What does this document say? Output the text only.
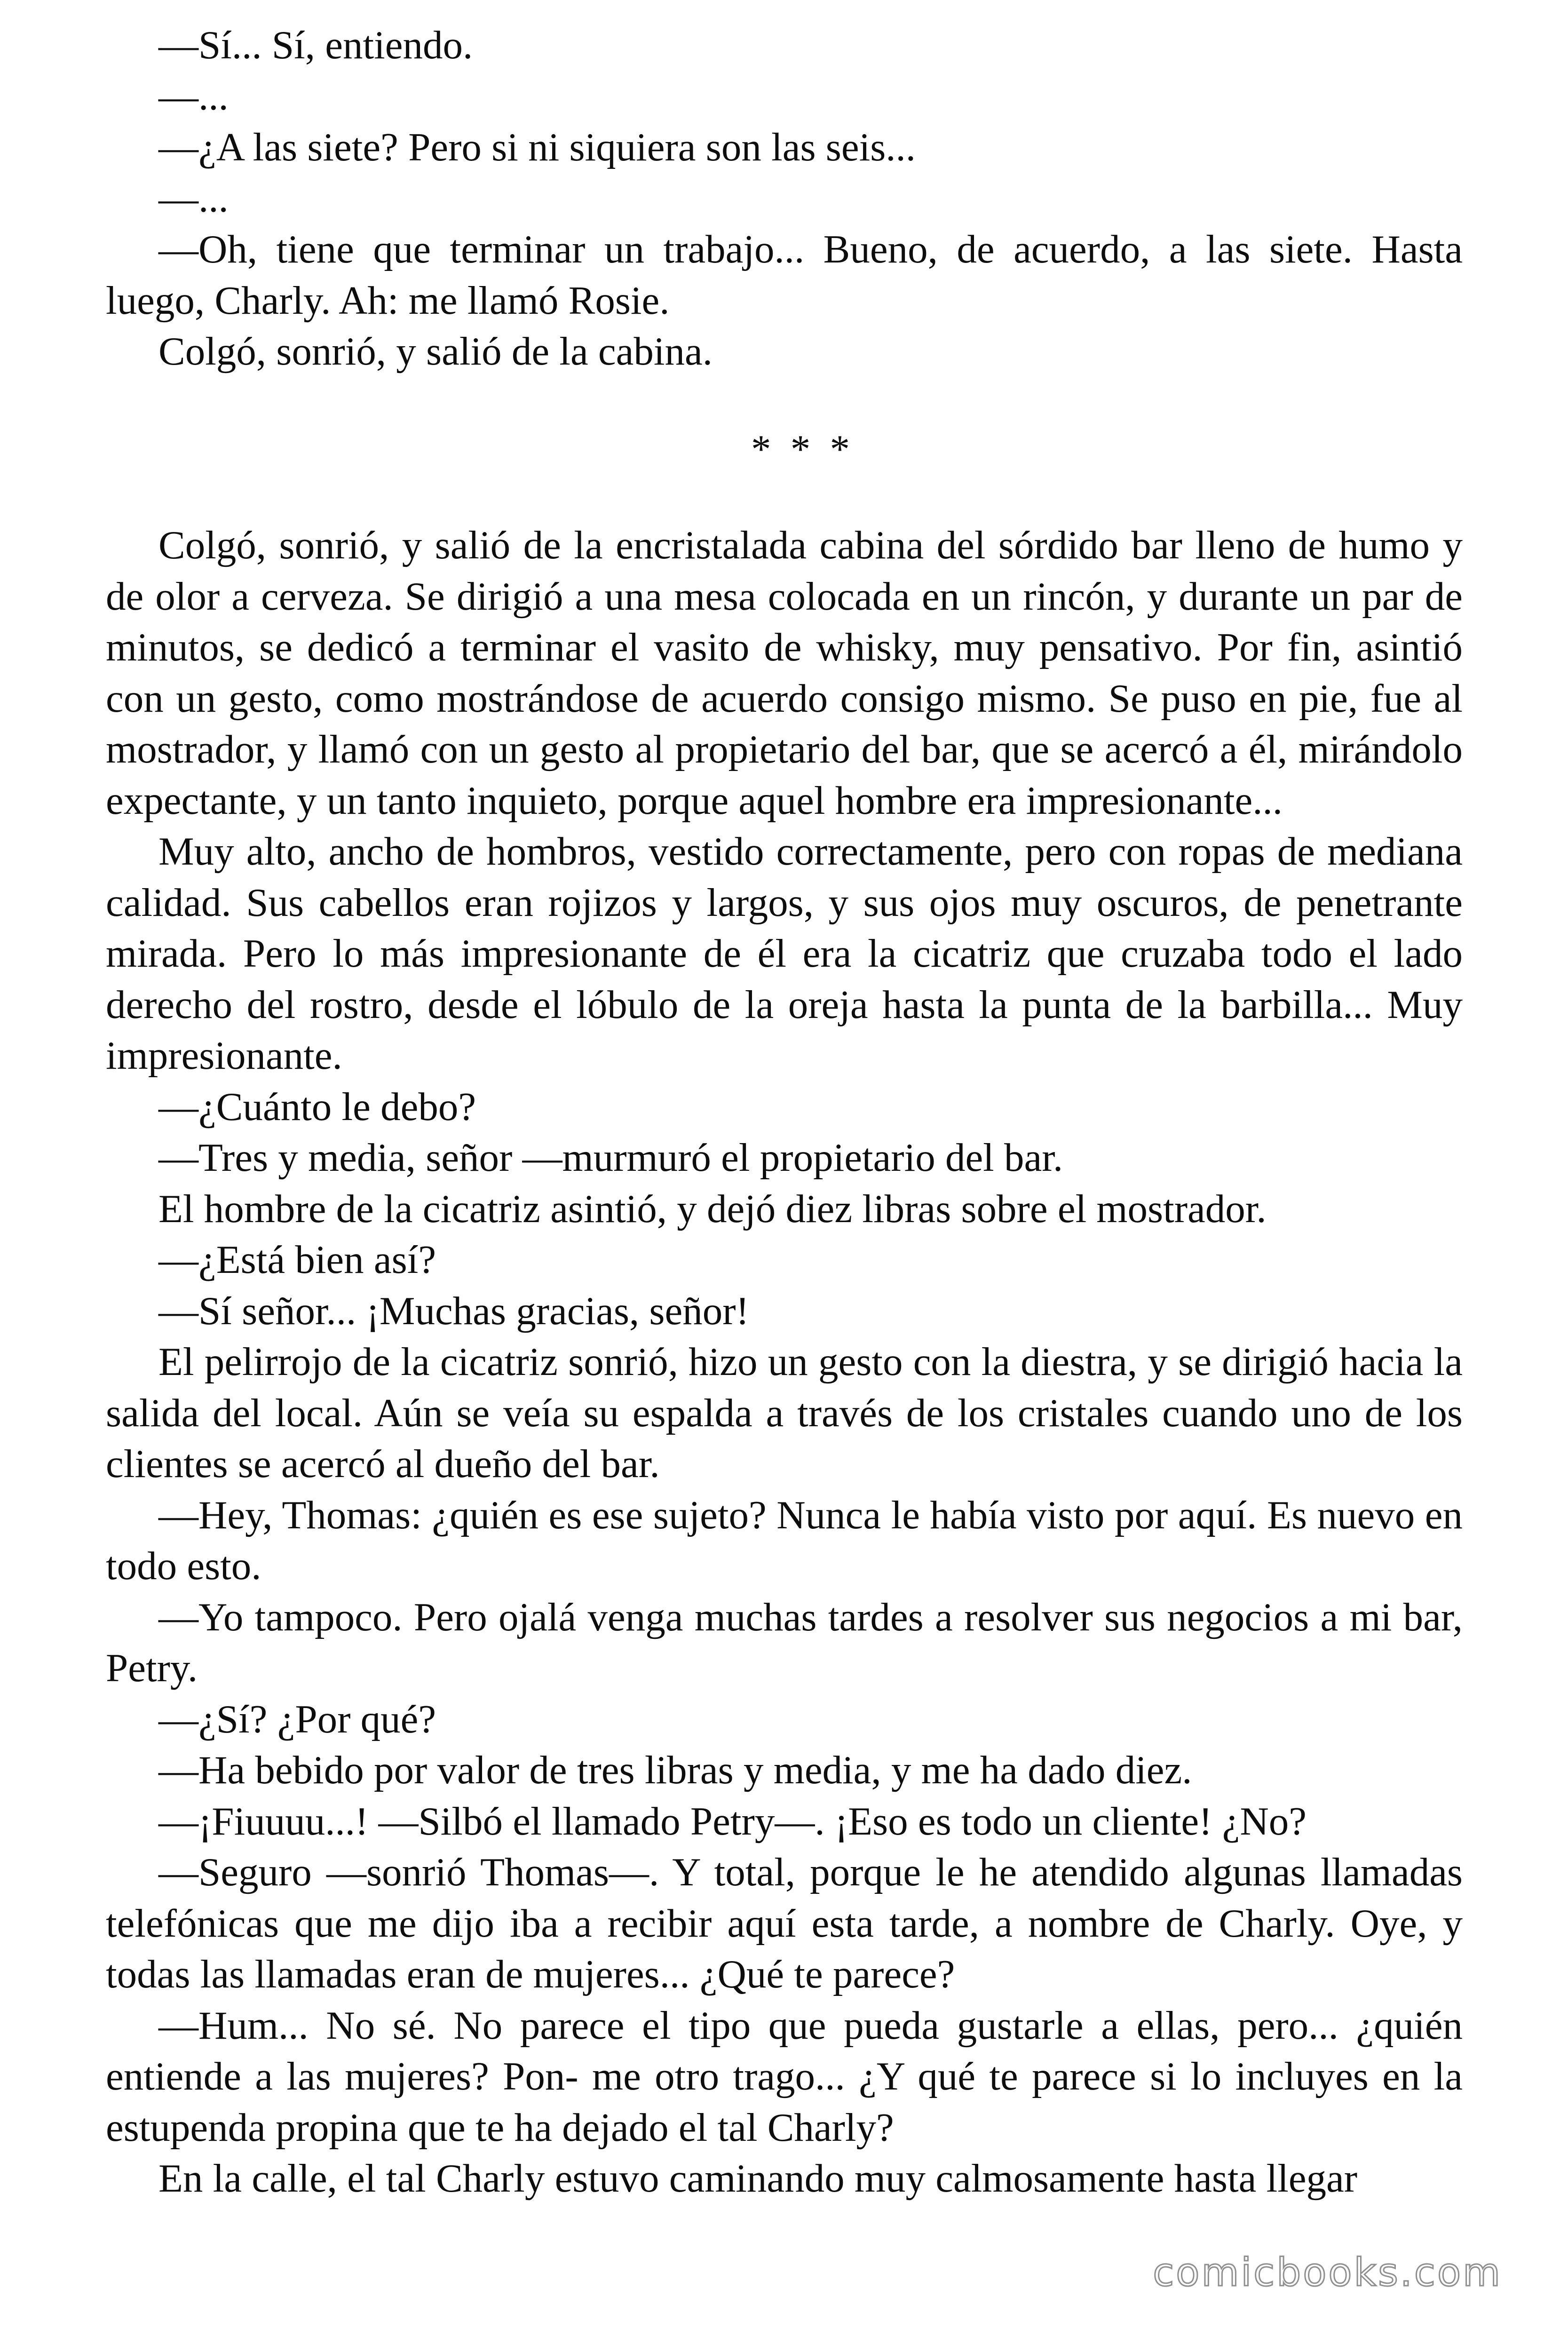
—Sí... Sí, entiendo.

—...

—¿A las siete? Pero si ni siquiera son las seis...

—...

—Oh, tiene que terminar un trabajo... Bueno, de acuerdo, a las siete. Hasta luego, Charly. Ah: me llamó Rosie.

Colgó, sonrió, y salió de la cabina.

* * *

Colgó, sonrió, y salió de la encristalada cabina del sórdido bar lleno de humo y de olor a cerveza. Se dirigió a una mesa colocada en un rincón, y durante un par de minutos, se dedicó a terminar el vasito de whisky, muy pensativo. Por fin, asintió con un gesto, como mostrándose de acuerdo consigo mismo. Se puso en pie, fue al mostrador, y llamó con un gesto al propietario del bar, que se acercó a él, mirándolo expectante, y un tanto inquieto, porque aquel hombre era impresionante...

Muy alto, ancho de hombros, vestido correctamente, pero con ropas de mediana calidad. Sus cabellos eran rojizos y largos, y sus ojos muy oscuros, de penetrante mirada. Pero lo más impresionante de él era la cicatriz que cruzaba todo el lado derecho del rostro, desde el lóbulo de la oreja hasta la punta de la barbilla... Muy impresionante.

—¿Cuánto le debo?

—Tres y media, señor —murmuró el propietario del bar.

El hombre de la cicatriz asintió, y dejó diez libras sobre el mostrador.

—¿Está bien así?

—Sí señor... ¡Muchas gracias, señor!

El pelirrojo de la cicatriz sonrió, hizo un gesto con la diestra, y se dirigió hacia la salida del local. Aún se veía su espalda a través de los cristales cuando uno de los clientes se acercó al dueño del bar.

—Hey, Thomas: ¿quién es ese sujeto? Nunca le había visto por aquí. Es nuevo en todo esto.

—Yo tampoco. Pero ojalá venga muchas tardes a resolver sus negocios a mi bar, Petry.

—¿Sí? ¿Por qué?

—Ha bebido por valor de tres libras y media, y me ha dado diez.

—¡Fiuuuu...! —Silbó el llamado Petry—. ¡Eso es todo un cliente! ¿No?

—Seguro —sonrió Thomas—. Y total, porque le he atendido algunas llamadas telefónicas que me dijo iba a recibir aquí esta tarde, a nombre de Charly. Oye, y todas las llamadas eran de mujeres... ¿Qué te parece?

—Hum... No sé. No parece el tipo que pueda gustarle a ellas, pero... ¿quién entiende a las mujeres? Pon- me otro trago... ¿Y qué te parece si lo incluyes en la estupenda propina que te ha dejado el tal Charly?

En la calle, el tal Charly estuvo caminando muy calmosamente hasta llegar

comicbooks.com
